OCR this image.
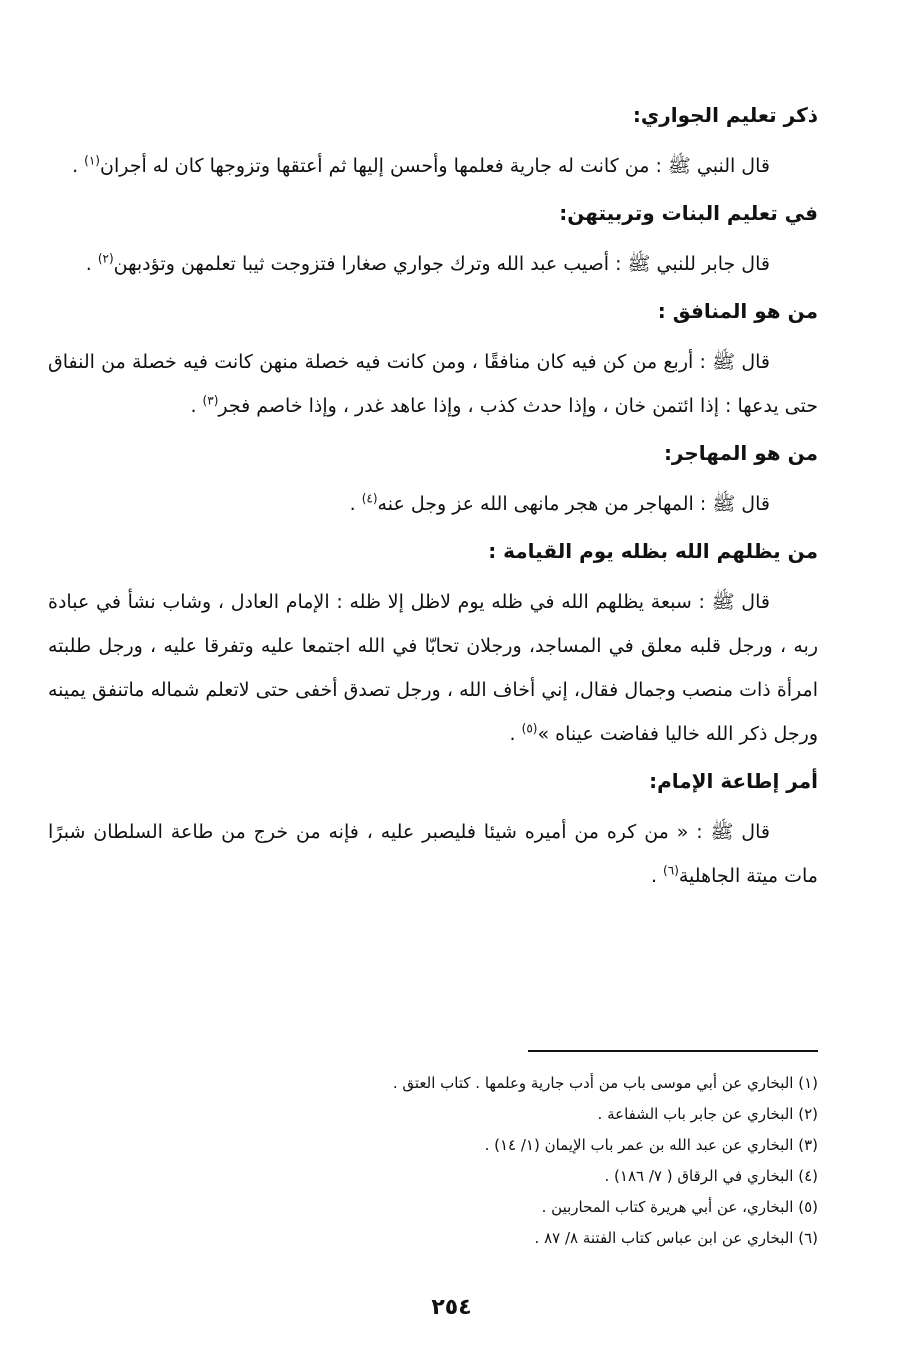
ذكر تعليم الجواري:

قال النبي ﷺ : من كانت له جارية فعلمها وأحسن إليها ثم أعتقها وتزوجها كان له أجران$^{(١)}$ .

في تعليم البنات وتربيتهن:

قال جابر للنبي ﷺ : أصيب عبد الله وترك جواري صغارا فتزوجت ثيبا تعلمهن وتؤدبهن$^{(٢)}$ .

من هو المنافق :

قال ﷺ : أربع من كن فيه كان منافقًا ، ومن كانت فيه خصلة منهن كانت فيه خصلة من النفاق حتى يدعها : إذا ائتمن خان ، وإذا حدث كذب ، وإذا عاهد غدر ، وإذا خاصم فجر$^{(٣)}$ .

من هو المهاجر:

قال ﷺ : المهاجر من هجر مانهى الله عز وجل عنه$^{(٤)}$ .

من يظلهم الله بظله يوم القيامة :

قال ﷺ : سبعة يظلهم الله في ظله يوم لاظل إلا ظله : الإمام العادل ، وشاب نشأ في عبادة ربه ، ورجل قلبه معلق في المساجد، ورجلان تحابّا في الله اجتمعا عليه وتفرقا عليه ، ورجل طلبته امرأة ذات منصب وجمال فقال، إني أخاف الله ، ورجل تصدق أخفى حتى لاتعلم شماله ماتنفق يمينه ورجل ذكر الله خاليا ففاضت عيناه »$^{(٥)}$ .

أمر إطاعة الإمام:

قال ﷺ : « من كره من أميره شيئا فليصبر عليه ، فإنه من خرج من طاعة السلطان شبرًا مات ميتة الجاهلية$^{(٦)}$ .

(١) البخاري عن أبي موسى باب من أدب جارية وعلمها . كتاب العتق .
(٢) البخاري عن جابر باب الشفاعة .
(٣) البخاري عن عبد الله بن عمر باب الإيمان (١/ ١٤) .
(٤) البخاري في الرقاق ( ٧/ ١٨٦) .
(٥) البخاري، عن أبي هريرة كتاب المحاربين .
(٦) البخاري عن ابن عباس كتاب الفتنة ٨/ ٨٧ .
٢٥٤
